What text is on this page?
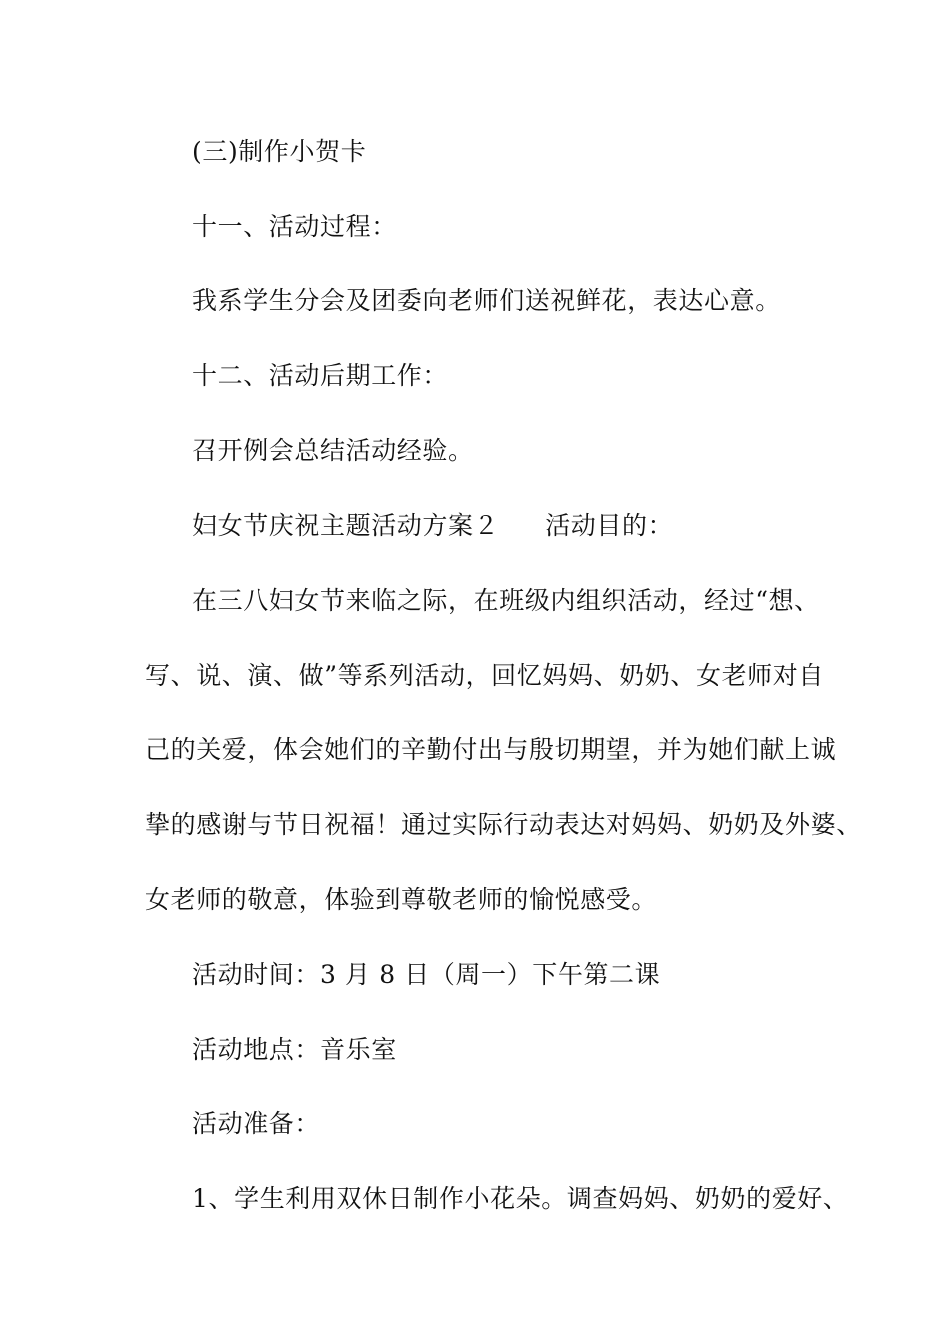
(三)制作小贺卡
十一、活动过程：
我系学生分会及团委向老师们送祝鲜花，表达心意。
十二、活动后期工作：
召开例会总结活动经验。
妇女节庆祝主题活动方案２ 活动目的：
在三八妇女节来临之际，在班级内组织活动，经过“想、
写、说、演、做”等系列活动，回忆妈妈、奶奶、女老师对自
己的关爱，体会她们的辛勤付出与殷切期望，并为她们献上诚
挚的感谢与节日祝福！通过实际行动表达对妈妈、奶奶及外婆、
女老师的敬意，体验到尊敬老师的愉悦感受。
活动时间：3 月 8 日（周一）下午第二课
活动地点：音乐室
活动准备：
1、学生利用双休日制作小花朵。调查妈妈、奶奶的爱好、
